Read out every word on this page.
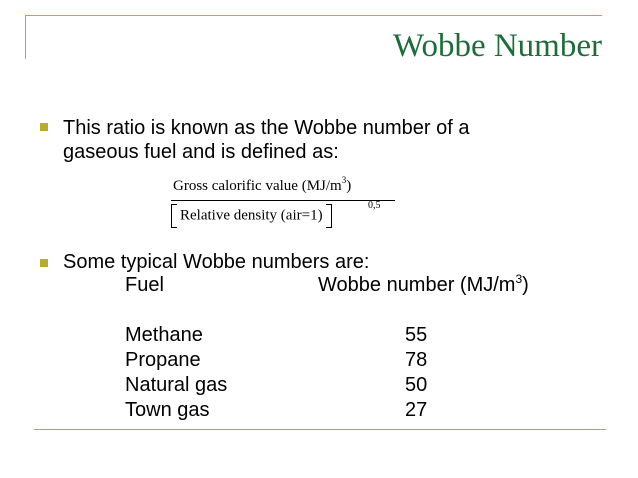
Wobbe Number
This ratio is known as the Wobbe number of a
gaseous fuel and is defined as:
Gross calorific value $(MJ/m^3)$
Relative density (air=1)
0,5
Some typical Wobbe numbers are:
Fuel	Wobbe number $(MJ/m^3)$
Methane	55
Propane	78
Natural gas	50
Town gas	27
